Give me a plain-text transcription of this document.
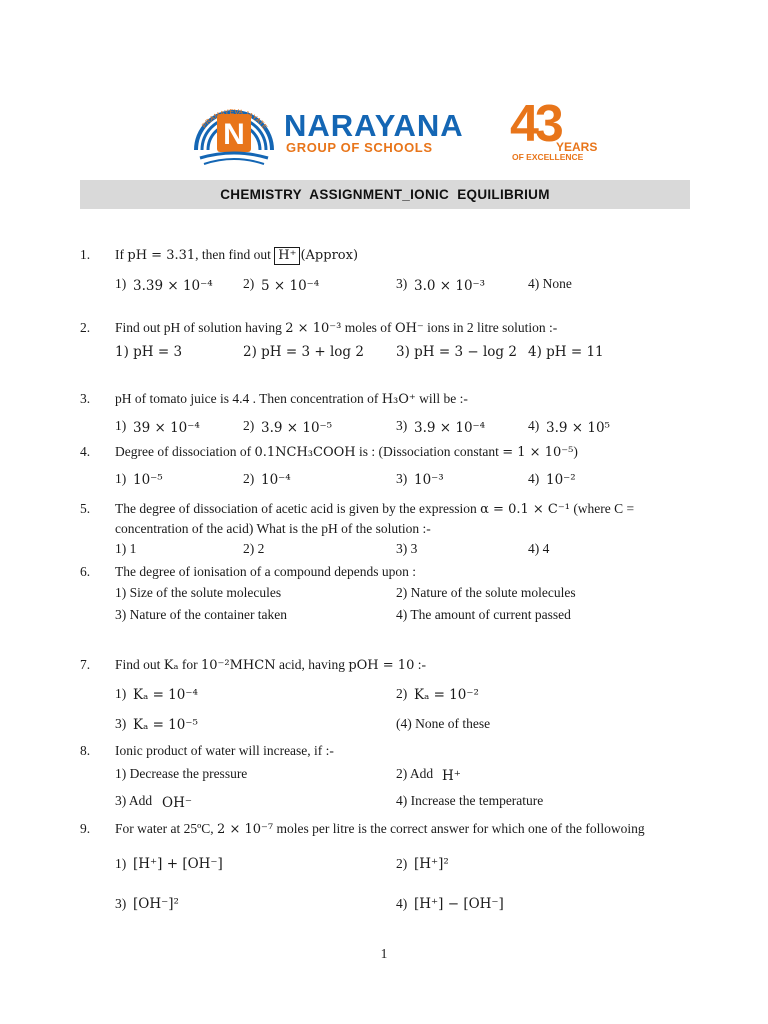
N
PRAMAYEVA JAYATE NARAYANA
GROUP OF SCHOOLS 43
YEARS
OF EXCELLENCE
CHEMISTRY  ASSIGNMENT_IONIC  EQUILIBRIUM
1. If pH = 3.31, then find out H⁺ (Approx)
1) 3.39 × 10⁻⁴ 2) 5 × 10⁻⁴	3) 3.0 × 10⁻³	4) None
2. Find out pH of solution having 2 × 10⁻³ moles of OH⁻ ions in 2 litre solution :-
1) pH = 3	2) pH = 3 + log 2 3) pH = 3 − log 2 4) pH = 11
3. pH of tomato juice is 4.4 . Then concentration of H₃O⁺ will be :-
1) 39 × 10⁻⁴	2) 3.9 × 10⁻⁵	3) 3.9 × 10⁻⁴	4) 3.9 × 10⁵
4. Degree of dissociation of 0.1NCH₃COOH is : (Dissociation constant = 1 × 10⁻⁵)
1) 10⁻⁵	2) 10⁻⁴	3) 10⁻³	4) 10⁻²
5. The degree of dissociation of acetic acid is given by the expression α = 0.1 × C⁻¹ (where C =
concentration of the acid) What is the pH of the solution :-
1) 1	2) 2	3) 3	4) 4
6. The degree of ionisation of a compound depends upon :
1) Size of the solute molecules	2) Nature of the solute molecules
3) Nature of the container taken	4) The amount of current passed
7. Find out Kₐ for 10⁻²MHCN acid, having pOH = 10 :-
1) Kₐ = 10⁻⁴	2) Kₐ = 10⁻²
3) Kₐ = 10⁻⁵	(4) None of these
8. Ionic product of water will increase, if :-
1) Decrease the pressure	2) Add H⁺
3) Add OH⁻	4) Increase the temperature
9. For water at 25ºC, 2 × 10⁻⁷ moles per litre is the correct answer for which one of the followoing
1) [H⁺] + [OH⁻]	2) [H⁺]²
3) [OH⁻]²	4) [H⁺] − [OH⁻]
1
